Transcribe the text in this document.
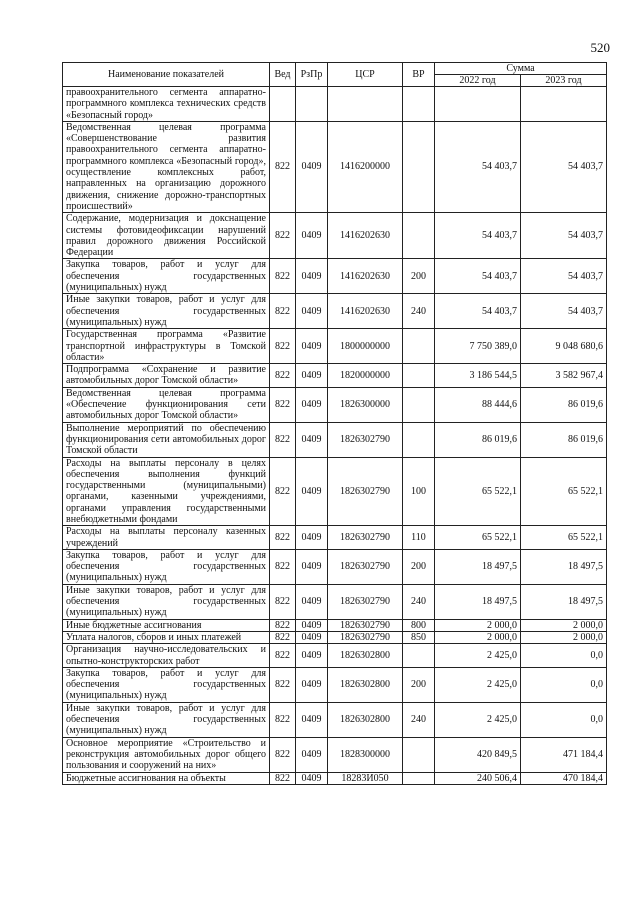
520
Наименование показателей	Вед	РзПр	ЦСР	ВР	Сумма	
					2022 год	2023 год
правоохранительного сегмента аппаратно-программного комплекса технических средств «Безопасный город»						
Ведомственная целевая программа «Совершенствование развития правоохранительного сегмента аппаратно-программного комплекса «Безопасный город», осуществление комплексных работ, направленных на организацию дорожного движения, снижение дорожно-транспортных происшествий»	822	0409	1416200000		54 403,7	54 403,7
Содержание, модернизация и докснащение системы фотовидеофиксации нарушений правил дорожного движения Российской Федерации	822	0409	1416202630		54 403,7	54 403,7
Закупка товаров, работ и услуг для обеспечения государственных (муниципальных) нужд	822	0409	1416202630	200	54 403,7	54 403,7
Иные закупки товаров, работ и услуг для обеспечения государственных (муниципальных) нужд	822	0409	1416202630	240	54 403,7	54 403,7
Государственная программа «Развитие транспортной инфраструктуры в Томской области»	822	0409	1800000000		7 750 389,0	9 048 680,6
Подпрограмма «Сохранение и развитие автомобильных дорог Томской области»	822	0409	1820000000		3 186 544,5	3 582 967,4
Ведомственная целевая программа «Обеспечение функционирования сети автомобильных дорог Томской области»	822	0409	1826300000		88 444,6	86 019,6
Выполнение мероприятий по обеспечению функционирования сети автомобильных дорог Томской области	822	0409	1826302790		86 019,6	86 019,6
Расходы на выплаты персоналу в целях обеспечения выполнения функций государственными (муниципальными) органами, казенными учреждениями, органами управления государственными внебюджетными фондами	822	0409	1826302790	100	65 522,1	65 522,1
Расходы на выплаты персоналу казенных учреждений	822	0409	1826302790	110	65 522,1	65 522,1
Закупка товаров, работ и услуг для обеспечения государственных (муниципальных) нужд	822	0409	1826302790	200	18 497,5	18 497,5
Иные закупки товаров, работ и услуг для обеспечения государственных (муниципальных) нужд	822	0409	1826302790	240	18 497,5	18 497,5
Иные бюджетные ассигнования	822	0409	1826302790	800	2 000,0	2 000,0
Уплата налогов, сборов и иных платежей	822	0409	1826302790	850	2 000,0	2 000,0
Организация научно-исследовательских и опытно-конструкторских работ	822	0409	1826302800		2 425,0	0,0
Закупка товаров, работ и услуг для обеспечения государственных (муниципальных) нужд	822	0409	1826302800	200	2 425,0	0,0
Иные закупки товаров, работ и услуг для обеспечения государственных (муниципальных) нужд	822	0409	1826302800	240	2 425,0	0,0
Основное мероприятие «Строительство и реконструкция автомобильных дорог общего пользования и сооружений на них»	822	0409	1828300000		420 849,5	471 184,4
Бюджетные ассигнования на объекты	822	0409	18283И050		240 506,4	470 184,4
